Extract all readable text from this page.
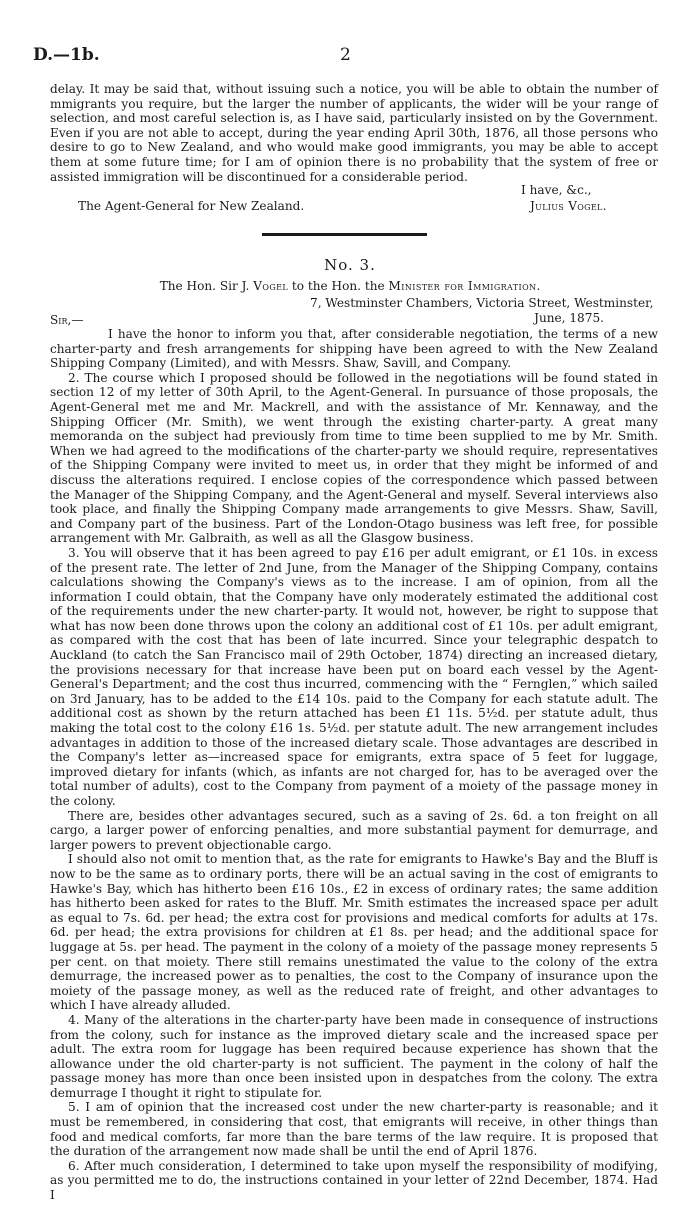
D.—1b.	2

delay. It may be said that, without issuing such a notice, you will be able to obtain the number of mmigrants you require, but the larger the number of applicants, the wider will be your range of selection, and most careful selection is, as I have said, particularly insisted on by the Government. Even if you are not able to accept, during the year ending April 30th, 1876, all those persons who desire to go to New Zealand, and who would make good immigrants, you may be able to accept them at some future time; for I am of opinion there is no probability that the system of free or assisted immigration will be discontinued for a considerable period.

I have, &c.,
The Agent-General for New Zealand.	Julius Vogel.
No. 3.
The Hon. Sir J. Vogel to the Hon. the Minister for Immigration.
7, Westminster Chambers, Victoria Street, Westminster,
Sir,—	June, 1875.

I have the honor to inform you that, after considerable negotiation, the terms of a new charter-party and fresh arrangements for shipping have been agreed to with the New Zealand Shipping Company (Limited), and with Messrs. Shaw, Savill, and Company.

2. The course which I proposed should be followed in the negotiations will be found stated in section 12 of my letter of 30th April, to the Agent-General. In pursuance of those proposals, the Agent-General met me and Mr. Mackrell, and with the assistance of Mr. Kennaway, and the Shipping Officer (Mr. Smith), we went through the existing charter-party. A great many memoranda on the subject had previously from time to time been supplied to me by Mr. Smith. When we had agreed to the modifications of the charter-party we should require, representatives of the Shipping Company were invited to meet us, in order that they might be informed of and discuss the alterations required. I enclose copies of the correspondence which passed between the Manager of the Shipping Company, and the Agent-General and myself. Several interviews also took place, and finally the Shipping Company made arrangements to give Messrs. Shaw, Savill, and Company part of the business. Part of the London-Otago business was left free, for possible arrangement with Mr. Galbraith, as well as all the Glasgow business.

3. You will observe that it has been agreed to pay £16 per adult emigrant, or £1 10s. in excess of the present rate. The letter of 2nd June, from the Manager of the Shipping Company, contains calculations showing the Company's views as to the increase. I am of opinion, from all the information I could obtain, that the Company have only moderately estimated the additional cost of the requirements under the new charter-party. It would not, however, be right to suppose that what has now been done throws upon the colony an additional cost of £1 10s. per adult emigrant, as compared with the cost that has been of late incurred. Since your telegraphic despatch to Auckland (to catch the San Francisco mail of 29th October, 1874) directing an increased dietary, the provisions necessary for that increase have been put on board each vessel by the Agent-General's Department; and the cost thus incurred, commencing with the “ Fernglen,” which sailed on 3rd January, has to be added to the £14 10s. paid to the Company for each statute adult. The additional cost as shown by the return attached has been £1 11s. 5½d. per statute adult, thus making the total cost to the colony £16 1s. 5½d. per statute adult. The new arrangement includes advantages in addition to those of the increased dietary scale. Those advantages are described in the Company's letter as—increased space for emigrants, extra space of 5 feet for luggage, improved dietary for infants (which, as infants are not charged for, has to be averaged over the total number of adults), cost to the Company from payment of a moiety of the passage money in the colony.

There are, besides other advantages secured, such as a saving of 2s. 6d. a ton freight on all cargo, a larger power of enforcing penalties, and more substantial payment for demurrage, and larger powers to prevent objectionable cargo.

I should also not omit to mention that, as the rate for emigrants to Hawke's Bay and the Bluff is now to be the same as to ordinary ports, there will be an actual saving in the cost of emigrants to Hawke's Bay, which has hitherto been £16 10s., £2 in excess of ordinary rates; the same addition has hitherto been asked for rates to the Bluff. Mr. Smith estimates the increased space per adult as equal to 7s. 6d. per head; the extra cost for provisions and medical comforts for adults at 17s. 6d. per head; the extra provisions for children at £1 8s. per head; and the additional space for luggage at 5s. per head. The payment in the colony of a moiety of the passage money represents 5 per cent. on that moiety. There still remains unestimated the value to the colony of the extra demurrage, the increased power as to penalties, the cost to the Company of insurance upon the moiety of the passage money, as well as the reduced rate of freight, and other advantages to which I have already alluded.

4. Many of the alterations in the charter-party have been made in consequence of instructions from the colony, such for instance as the improved dietary scale and the increased space per adult. The extra room for luggage has been required because experience has shown that the allowance under the old charter-party is not sufficient. The payment in the colony of half the passage money has more than once been insisted upon in despatches from the colony. The extra demurrage I thought it right to stipulate for.

5. I am of opinion that the increased cost under the new charter-party is reasonable; and it must be remembered, in considering that cost, that emigrants will receive, in other things than food and medical comforts, far more than the bare terms of the law require. It is proposed that the duration of the arrangement now made shall be until the end of April 1876.

6. After much consideration, I determined to take upon myself the responsibility of modifying, as you permitted me to do, the instructions contained in your letter of 22nd December, 1874. Had I
